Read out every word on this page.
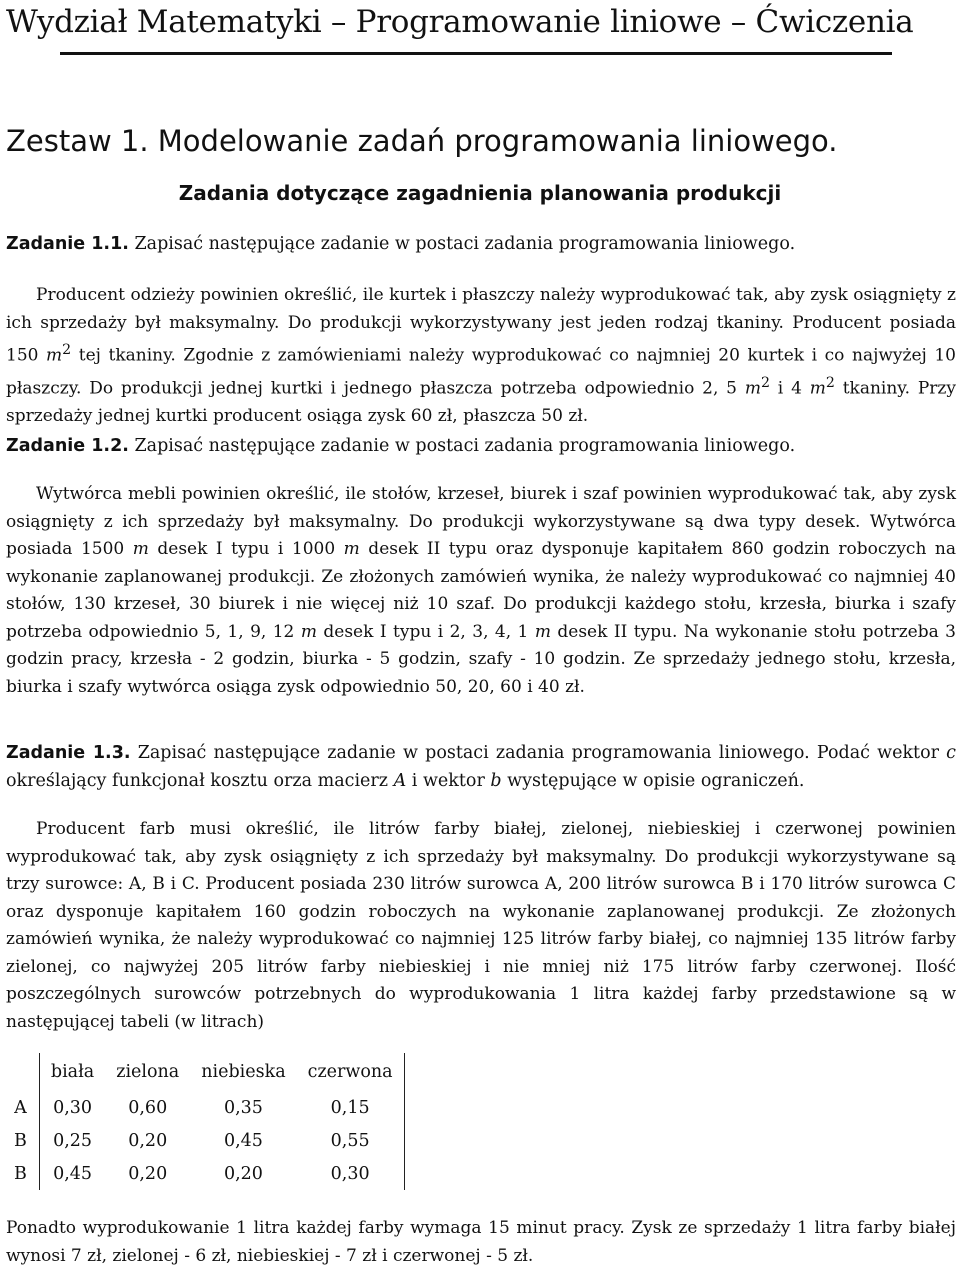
Wydział Matematyki – Programowanie liniowe – Ćwiczenia
Zestaw 1. Modelowanie zadań programowania liniowego.
Zadania dotyczące zagadnienia planowania produkcji
Zadanie 1.1. Zapisać następujące zadanie w postaci zadania programowania liniowego.
Producent odzieży powinien określić, ile kurtek i płaszczy należy wyprodukować tak, aby zysk osiągnięty z ich sprzedaży był maksymalny. Do produkcji wykorzystywany jest jeden rodzaj tkaniny. Producent posiada 150 $m^2$ tej tkaniny. Zgodnie z zamówieniami należy wyprodukować co najmniej 20 kurtek i co najwyżej 10 płaszczy. Do produkcji jednej kurtki i jednego płaszcza potrzeba odpowiednio 2, 5 $m^2$ i 4 $m^2$ tkaniny. Przy sprzedaży jednej kurtki producent osiąga zysk 60 zł, płaszcza 50 zł.
Zadanie 1.2. Zapisać następujące zadanie w postaci zadania programowania liniowego.
Wytwórca mebli powinien określić, ile stołów, krzeseł, biurek i szaf powinien wyprodukować tak, aby zysk osiągnięty z ich sprzedaży był maksymalny. Do produkcji wykorzystywane są dwa typy desek. Wytwórca posiada 1500 m desek I typu i 1000 m desek II typu oraz dysponuje kapitałem 860 godzin roboczych na wykonanie zaplanowanej produkcji. Ze złożonych zamówień wynika, że należy wyprodukować co najmniej 40 stołów, 130 krzeseł, 30 biurek i nie więcej niż 10 szaf. Do produkcji każdego stołu, krzesła, biurka i szafy potrzeba odpowiednio 5, 1, 9, 12 m desek I typu i 2, 3, 4, 1 m desek II typu. Na wykonanie stołu potrzeba 3 godzin pracy, krzesła - 2 godzin, biurka - 5 godzin, szafy - 10 godzin. Ze sprzedaży jednego stołu, krzesła, biurka i szafy wytwórca osiąga zysk odpowiednio 50, 20, 60 i 40 zł.
Zadanie 1.3. Zapisać następujące zadanie w postaci zadania programowania liniowego. Podać wektor c określający funkcjonał kosztu orza macierz A i wektor b występujące w opisie ograniczeń.
Producent farb musi określić, ile litrów farby białej, zielonej, niebieskiej i czerwonej powinien wyprodukować tak, aby zysk osiągnięty z ich sprzedaży był maksymalny. Do produkcji wykorzystywane są trzy surowce: A, B i C. Producent posiada 230 litrów surowca A, 200 litrów surowca B i 170 litrów surowca C oraz dysponuje kapitałem 160 godzin roboczych na wykonanie zaplanowanej produkcji. Ze złożonych zamówień wynika, że należy wyprodukować co najmniej 125 litrów farby białej, co najmniej 135 litrów farby zielonej, co najwyżej 205 litrów farby niebieskiej i nie mniej niż 175 litrów farby czerwonej. Ilość poszczególnych surowców potrzebnych do wyprodukowania 1 litra każdej farby przedstawione są w następującej tabeli (w litrach)
	biała	zielona	niebieska	czerwona
A	0,30	0,60	0,35	0,15
B	0,25	0,20	0,45	0,55
B	0,45	0,20	0,20	0,30
Ponadto wyprodukowanie 1 litra każdej farby wymaga 15 minut pracy. Zysk ze sprzedaży 1 litra farby białej wynosi 7 zł, zielonej - 6 zł, niebieskiej - 7 zł i czerwonej - 5 zł.
